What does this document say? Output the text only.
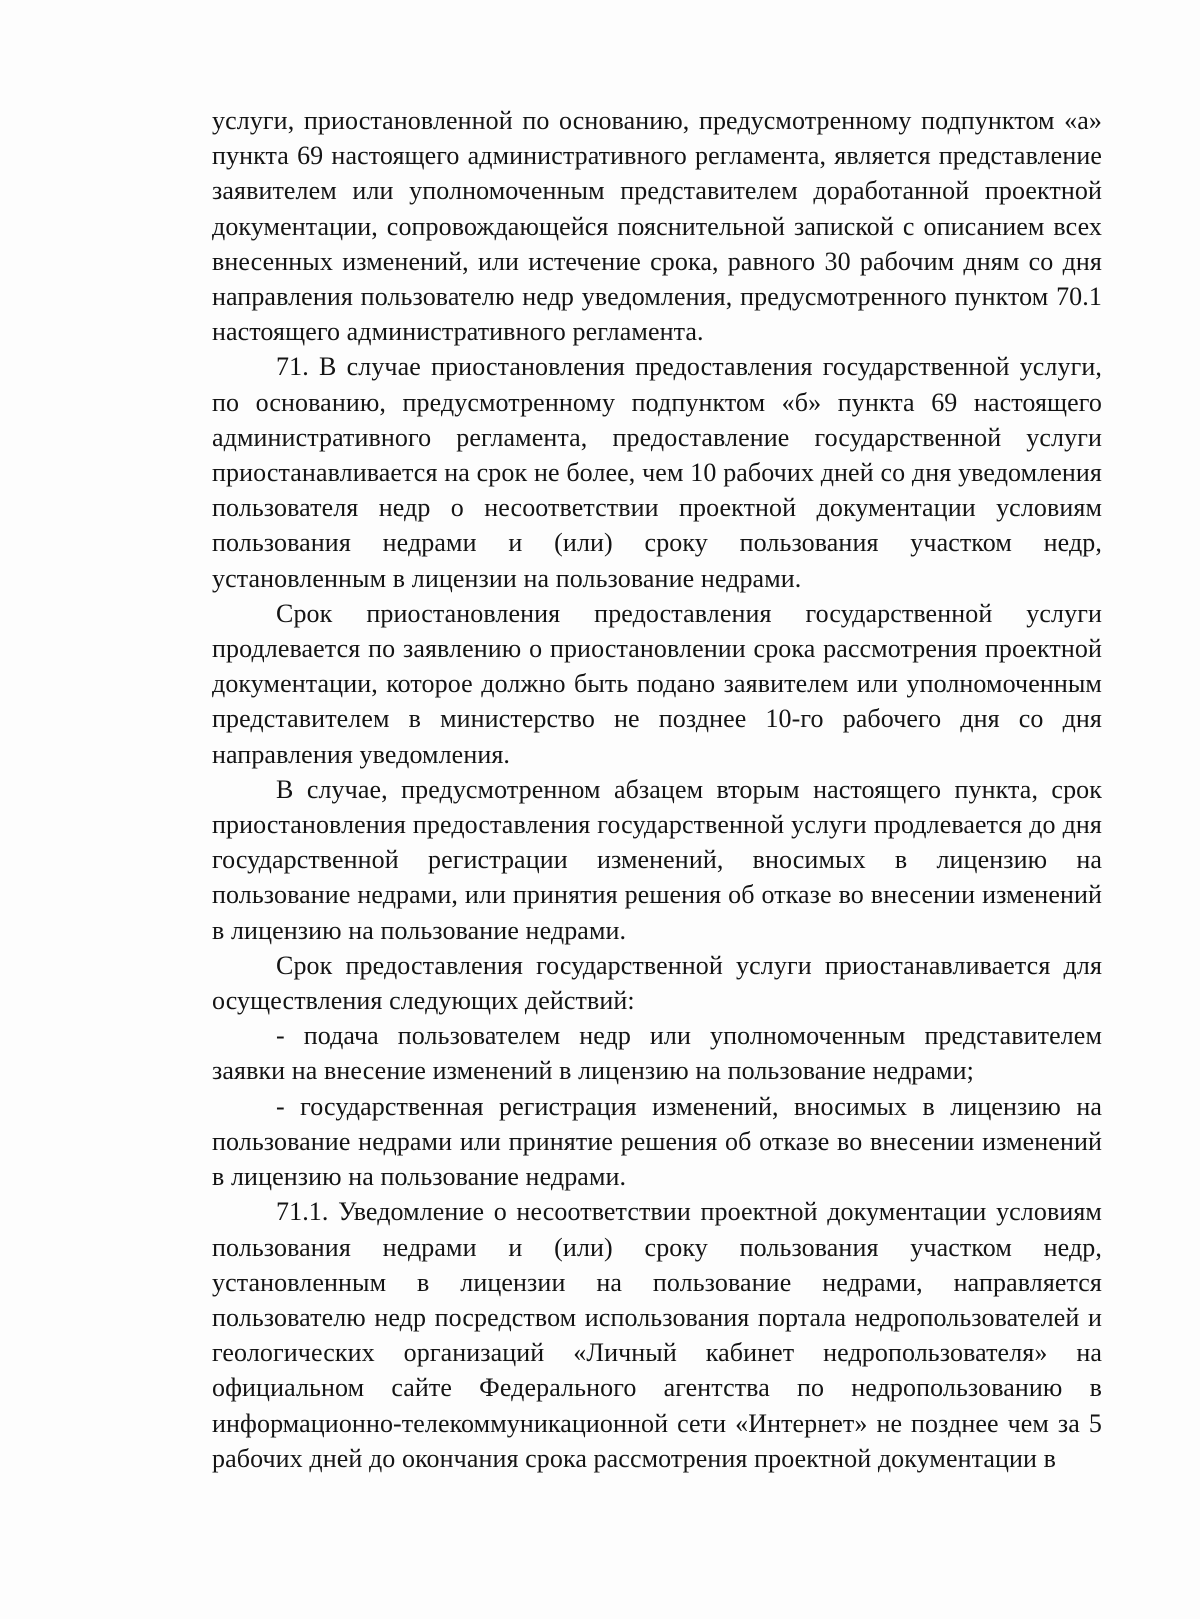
услуги, приостановленной по основанию, предусмотренному подпунктом «а» пункта 69 настоящего административного регламента, является представление заявителем или уполномоченным представителем доработанной проектной документации, сопровождающейся пояснительной запиской с описанием всех внесенных изменений, или истечение срока, равного 30 рабочим дням со дня направления пользователю недр уведомления, предусмотренного пунктом 70.1 настоящего административного регламента.

71. В случае приостановления предоставления государственной услуги, по основанию, предусмотренному подпунктом «б» пункта 69 настоящего административного регламента, предоставление государственной услуги приостанавливается на срок не более, чем 10 рабочих дней со дня уведомления пользователя недр о несоответствии проектной документации условиям пользования недрами и (или) сроку пользования участком недр, установленным в лицензии на пользование недрами.

Срок приостановления предоставления государственной услуги продлевается по заявлению о приостановлении срока рассмотрения проектной документации, которое должно быть подано заявителем или уполномоченным представителем в министерство не позднее 10-го рабочего дня со дня направления уведомления.

В случае, предусмотренном абзацем вторым настоящего пункта, срок приостановления предоставления государственной услуги продлевается до дня государственной регистрации изменений, вносимых в лицензию на пользование недрами, или принятия решения об отказе во внесении изменений в лицензию на пользование недрами.

Срок предоставления государственной услуги приостанавливается для осуществления следующих действий:

- подача пользователем недр или уполномоченным представителем заявки на внесение изменений в лицензию на пользование недрами;

- государственная регистрация изменений, вносимых в лицензию на пользование недрами или принятие решения об отказе во внесении изменений в лицензию на пользование недрами.

71.1. Уведомление о несоответствии проектной документации условиям пользования недрами и (или) сроку пользования участком недр, установленным в лицензии на пользование недрами, направляется пользователю недр посредством использования портала недропользователей и геологических организаций «Личный кабинет недропользователя» на официальном сайте Федерального агентства по недропользованию в информационно-телекоммуникационной сети «Интернет» не позднее чем за 5 рабочих дней до окончания срока рассмотрения проектной документации в
